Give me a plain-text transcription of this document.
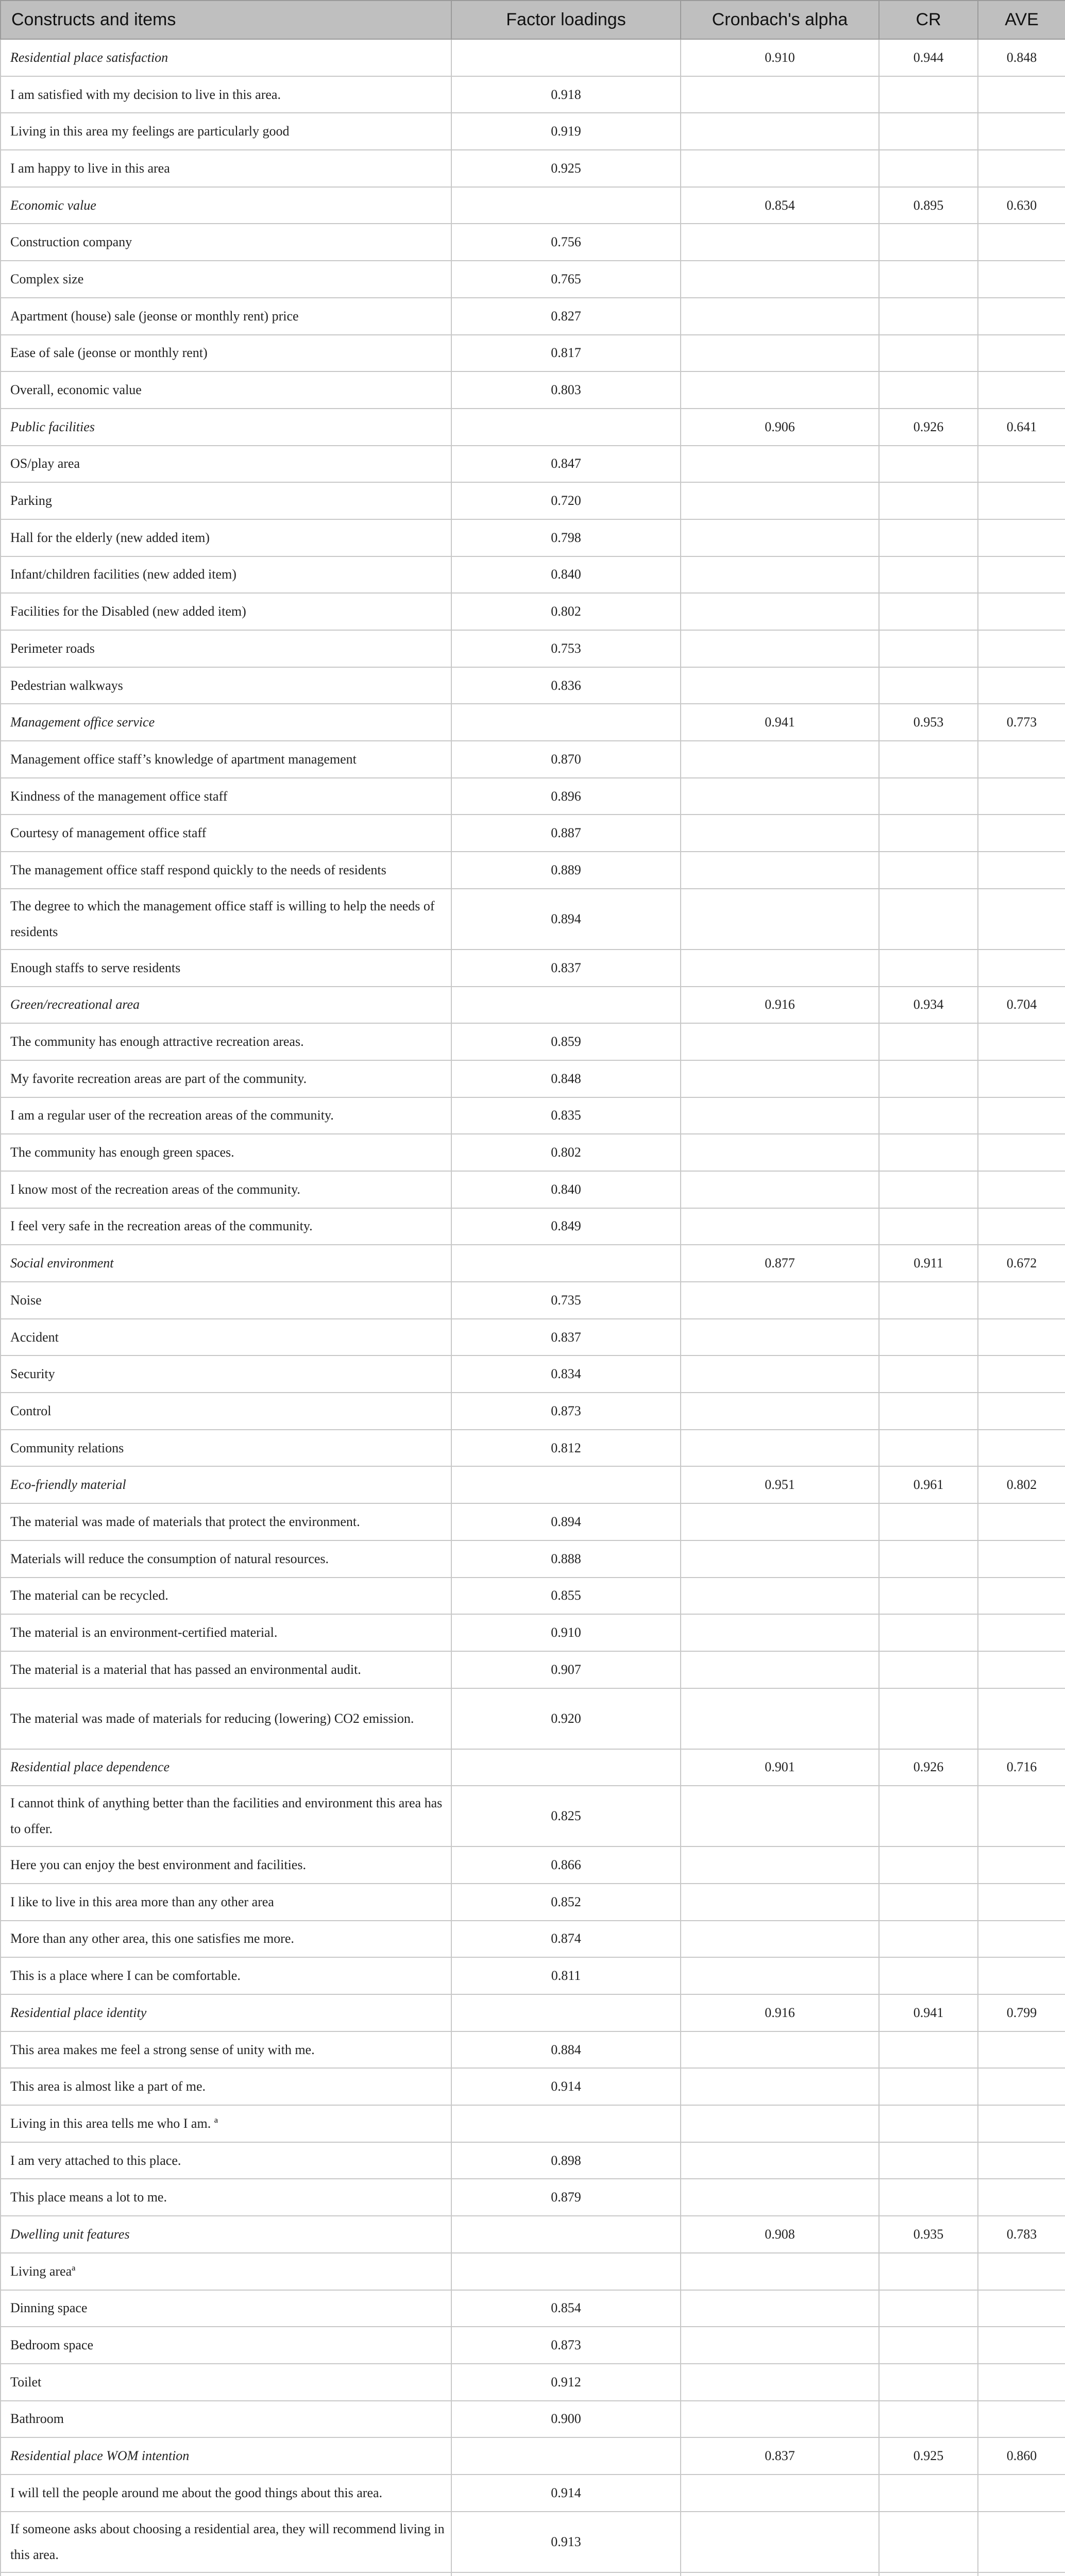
Constructs and items	Factor loadings	Cronbach's alpha	CR	AVE
Residential place satisfaction		0.910	0.944	0.848
I am satisfied with my decision to live in this area.	0.918			
Living in this area my feelings are particularly good	0.919			
I am happy to live in this area	0.925			
Economic value		0.854	0.895	0.630
Construction company	0.756			
Complex size	0.765			
Apartment (house) sale (jeonse or monthly rent) price	0.827			
Ease of sale (jeonse or monthly rent)	0.817			
Overall, economic value	0.803			
Public facilities		0.906	0.926	0.641
OS/play area	0.847			
Parking	0.720			
Hall for the elderly (new added item)	0.798			
Infant/children facilities (new added item)	0.840			
Facilities for the Disabled (new added item)	0.802			
Perimeter roads	0.753			
Pedestrian walkways	0.836			
Management office service		0.941	0.953	0.773
Management office staff’s knowledge of apartment management	0.870			
Kindness of the management office staff	0.896			
Courtesy of management office staff	0.887			
The management office staff respond quickly to the needs of residents	0.889			
The degree to which the management office staff is willing to help the needs of residents	0.894			
Enough staffs to serve residents	0.837			
Green/recreational area		0.916	0.934	0.704
The community has enough attractive recreation areas.	0.859			
My favorite recreation areas are part of the community.	0.848			
I am a regular user of the recreation areas of the community.	0.835			
The community has enough green spaces.	0.802			
I know most of the recreation areas of the community.	0.840			
I feel very safe in the recreation areas of the community.	0.849			
Social environment		0.877	0.911	0.672
Noise	0.735			
Accident	0.837			
Security	0.834			
Control	0.873			
Community relations	0.812			
Eco-friendly material		0.951	0.961	0.802
The material was made of materials that protect the environment.	0.894			
Materials will reduce the consumption of natural resources.	0.888			
The material can be recycled.	0.855			
The material is an environment-certified material.	0.910			
The material is a material that has passed an environmental audit.	0.907			
The material was made of materials for reducing (lowering) CO2 emission.	0.920			
Residential place dependence		0.901	0.926	0.716
I cannot think of anything better than the facilities and environment this area has to offer.	0.825			
Here you can enjoy the best environment and facilities.	0.866			
I like to live in this area more than any other area	0.852			
More than any other area, this one satisfies me more.	0.874			
This is a place where I can be comfortable.	0.811			
Residential place identity		0.916	0.941	0.799
This area makes me feel a strong sense of unity with me.	0.884			
This area is almost like a part of me.	0.914			
Living in this area tells me who I am. ª				
I am very attached to this place.	0.898			
This place means a lot to me.	0.879			
Dwelling unit features		0.908	0.935	0.783
Living areaª				
Dinning space	0.854			
Bedroom space	0.873			
Toilet	0.912			
Bathroom	0.900			
Residential place WOM intention		0.837	0.925	0.860
I will tell the people around me about the good things about this area.	0.914			
If someone asks about choosing a residential area, they will recommend living in this area.	0.913			
